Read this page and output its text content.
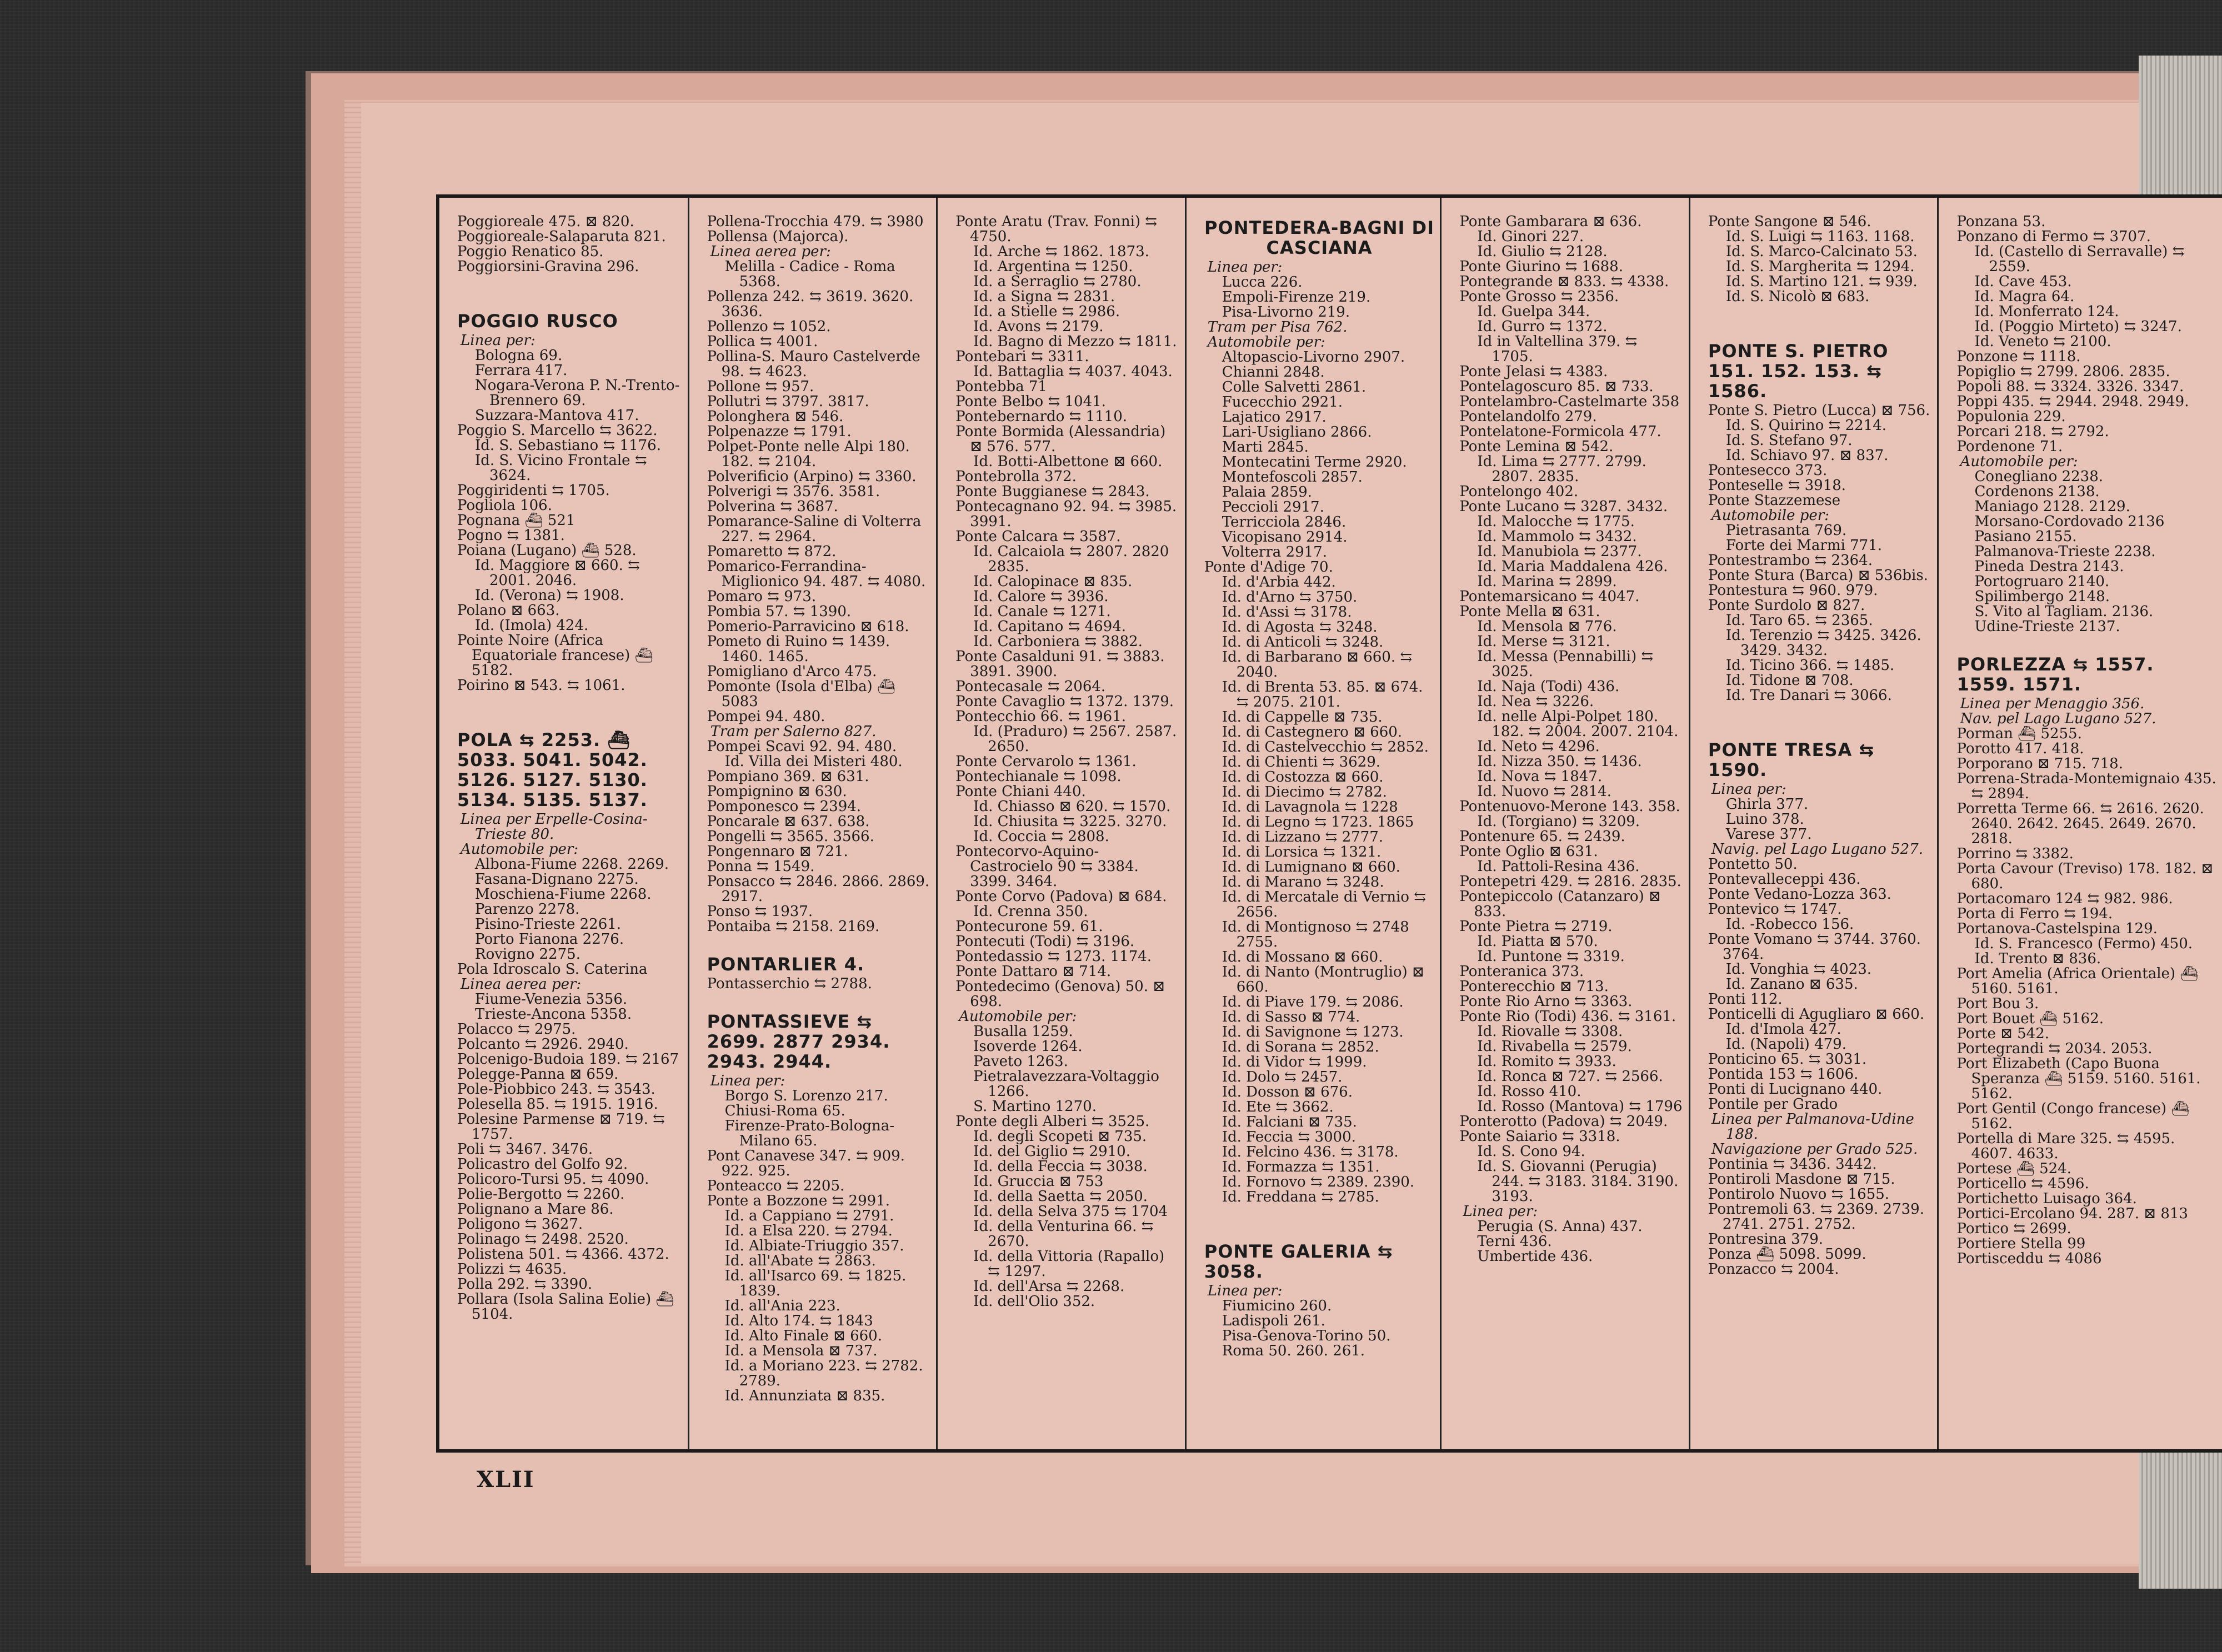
Poggioreale 475. ⊠ 820.
Poggioreale-Salaparuta 821.
Poggio Renatico 85.
Poggiorsini-Gravina 296.
POGGIO RUSCO
Linea per:
Bologna 69.
Ferrara 417.
Nogara-Verona P. N.-Trento-Brennero 69.
Suzzara-Mantova 417.
Poggio S. Marcello ⇆ 3622.
Id. S. Sebastiano ⇆ 1176.
Id. S. Vicino Frontale ⇆ 3624.
Poggiridenti ⇆ 1705.
Pogliola 106.
Pognana ⛴ 521
Pogno ⇆ 1381.
Poiana (Lugano) ⛴ 528.
Id. Maggiore ⊠ 660. ⇆ 2001. 2046.
Id. (Verona) ⇆ 1908.
Polano ⊠ 663.
Id. (Imola) 424.
Pointe Noire (Africa Equatoriale francese) ⛴ 5182.
Poirino ⊠ 543. ⇆ 1061.
POLA ⇆ 2253. ⛴ 5033. 5041. 5042. 5126. 5127. 5130. 5134. 5135. 5137.
Linea per Erpelle-Cosina-Trieste 80.
Automobile per:
Albona-Fiume 2268. 2269.
Fasana-Dignano 2275.
Moschiena-Fiume 2268.
Parenzo 2278.
Pisino-Trieste 2261.
Porto Fianona 2276.
Rovigno 2275.
Pola Idroscalo S. Caterina
Linea aerea per:
Fiume-Venezia 5356.
Trieste-Ancona 5358.
Polacco ⇆ 2975.
Polcanto ⇆ 2926. 2940.
Polcenigo-Budoia 189. ⇆ 2167
Polegge-Panna ⊠ 659.
Pole-Piobbico 243. ⇆ 3543.
Polesella 85. ⇆ 1915. 1916.
Polesine Parmense ⊠ 719. ⇆ 1757.
Poli ⇆ 3467. 3476.
Policastro del Golfo 92.
Policoro-Tursi 95. ⇆ 4090.
Polie-Bergotto ⇆ 2260.
Polignano a Mare 86.
Poligono ⇆ 3627.
Polinago ⇆ 2498. 2520.
Polistena 501. ⇆ 4366. 4372.
Polizzi ⇆ 4635.
Polla 292. ⇆ 3390.
Pollara (Isola Salina Eolie) ⛴ 5104.
Pollena-Trocchia 479. ⇆ 3980
Pollensa (Majorca).
Linea aerea per:
Melilla - Cadice - Roma 5368.
Pollenza 242. ⇆ 3619. 3620. 3636.
Pollenzo ⇆ 1052.
Pollica ⇆ 4001.
Pollina-S. Mauro Castelverde 98. ⇆ 4623.
Pollone ⇆ 957.
Pollutri ⇆ 3797. 3817.
Polonghera ⊠ 546.
Polpenazze ⇆ 1791.
Polpet-Ponte nelle Alpi 180. 182. ⇆ 2104.
Polverificio (Arpino) ⇆ 3360.
Polverigi ⇆ 3576. 3581.
Polverina ⇆ 3687.
Pomarance-Saline di Volterra 227. ⇆ 2964.
Pomaretto ⇆ 872.
Pomarico-Ferrandina-Miglionico 94. 487. ⇆ 4080.
Pomaro ⇆ 973.
Pombia 57. ⇆ 1390.
Pomerio-Parravicino ⊠ 618.
Pometo di Ruino ⇆ 1439. 1460. 1465.
Pomigliano d'Arco 475.
Pomonte (Isola d'Elba) ⛴ 5083
Pompei 94. 480.
Tram per Salerno 827.
Pompei Scavi 92. 94. 480.
Id. Villa dei Misteri 480.
Pompiano 369. ⊠ 631.
Pompignino ⊠ 630.
Pomponesco ⇆ 2394.
Poncarale ⊠ 637. 638.
Pongelli ⇆ 3565. 3566.
Pongennaro ⊠ 721.
Ponna ⇆ 1549.
Ponsacco ⇆ 2846. 2866. 2869. 2917.
Ponso ⇆ 1937.
Pontaiba ⇆ 2158. 2169.
PONTARLIER 4.
Pontasserchio ⇆ 2788.
PONTASSIEVE ⇆ 2699. 2877 2934. 2943. 2944.
Linea per:
Borgo S. Lorenzo 217.
Chiusi-Roma 65.
Firenze-Prato-Bologna-Milano 65.
Pont Canavese 347. ⇆ 909. 922. 925.
Ponteacco ⇆ 2205.
Ponte a Bozzone ⇆ 2991.
Id. a Cappiano ⇆ 2791.
Id. a Elsa 220. ⇆ 2794.
Id. Albiate-Triuggio 357.
Id. all'Abate ⇆ 2863.
Id. all'Isarco 69. ⇆ 1825. 1839.
Id. all'Ania 223.
Id. Alto 174. ⇆ 1843
Id. Alto Finale ⊠ 660.
Id. a Mensola ⊠ 737.
Id. a Moriano 223. ⇆ 2782. 2789.
Id. Annunziata ⊠ 835.
Ponte Aratu (Trav. Fonni) ⇆ 4750.
Id. Arche ⇆ 1862. 1873.
Id. Argentina ⇆ 1250.
Id. a Serraglio ⇆ 2780.
Id. a Signa ⇆ 2831.
Id. a Stielle ⇆ 2986.
Id. Avons ⇆ 2179.
Id. Bagno di Mezzo ⇆ 1811.
Pontebari ⇆ 3311.
Id. Battaglia ⇆ 4037. 4043.
Pontebba 71
Ponte Belbo ⇆ 1041.
Pontebernardo ⇆ 1110.
Ponte Bormida (Alessandria) ⊠ 576. 577.
Id. Botti-Albettone ⊠ 660.
Pontebrolla 372.
Ponte Buggianese ⇆ 2843.
Pontecagnano 92. 94. ⇆ 3985. 3991.
Ponte Calcara ⇆ 3587.
Id. Calcaiola ⇆ 2807. 2820 2835.
Id. Calopinace ⊠ 835.
Id. Calore ⇆ 3936.
Id. Canale ⇆ 1271.
Id. Capitano ⇆ 4694.
Id. Carboniera ⇆ 3882.
Ponte Casalduni 91. ⇆ 3883. 3891. 3900.
Pontecasale ⇆ 2064.
Ponte Cavaglio ⇆ 1372. 1379.
Pontecchio 66. ⇆ 1961.
Id. (Praduro) ⇆ 2567. 2587. 2650.
Ponte Cervarolo ⇆ 1361.
Pontechianale ⇆ 1098.
Ponte Chiani 440.
Id. Chiasso ⊠ 620. ⇆ 1570.
Id. Chiusita ⇆ 3225. 3270.
Id. Coccia ⇆ 2808.
Pontecorvo-Aquino-Castrocielo 90 ⇆ 3384. 3399. 3464.
Ponte Corvo (Padova) ⊠ 684.
Id. Crenna 350.
Pontecurone 59. 61.
Pontecuti (Todi) ⇆ 3196.
Pontedassio ⇆ 1273. 1174.
Ponte Dattaro ⊠ 714.
Pontedecimo (Genova) 50. ⊠ 698.
Automobile per:
Busalla 1259.
Isoverde 1264.
Paveto 1263.
Pietralavezzara-Voltaggio 1266.
S. Martino 1270.
Ponte degli Alberi ⇆ 3525.
Id. degli Scopeti ⊠ 735.
Id. del Giglio ⇆ 2910.
Id. della Feccia ⇆ 3038.
Id. Gruccia ⊠ 753
Id. della Saetta ⇆ 2050.
Id. della Selva 375 ⇆ 1704
Id. della Venturina 66. ⇆ 2670.
Id. della Vittoria (Rapallo) ⇆ 1297.
Id. dell'Arsa ⇆ 2268.
Id. dell'Olio 352.
PONTEDERA-BAGNI DI CASCIANA
Linea per:
Lucca 226.
Empoli-Firenze 219.
Pisa-Livorno 219.
Tram per Pisa 762.
Automobile per:
Altopascio-Livorno 2907.
Chianni 2848.
Colle Salvetti 2861.
Fucecchio 2921.
Lajatico 2917.
Lari-Usigliano 2866.
Marti 2845.
Montecatini Terme 2920.
Montefoscoli 2857.
Palaia 2859.
Peccioli 2917.
Terricciola 2846.
Vicopisano 2914.
Volterra 2917.
Ponte d'Adige 70.
Id. d'Arbia 442.
Id. d'Arno ⇆ 3750.
Id. d'Assi ⇆ 3178.
Id. di Agosta ⇆ 3248.
Id. di Anticoli ⇆ 3248.
Id. di Barbarano ⊠ 660. ⇆ 2040.
Id. di Brenta 53. 85. ⊠ 674. ⇆ 2075. 2101.
Id. di Cappelle ⊠ 735.
Id. di Castegnero ⊠ 660.
Id. di Castelvecchio ⇆ 2852.
Id. di Chienti ⇆ 3629.
Id. di Costozza ⊠ 660.
Id. di Diecimo ⇆ 2782.
Id. di Lavagnola ⇆ 1228
Id. di Legno ⇆ 1723. 1865
Id. di Lizzano ⇆ 2777.
Id. di Lorsica ⇆ 1321.
Id. di Lumignano ⊠ 660.
Id. di Marano ⇆ 3248.
Id. di Mercatale di Vernio ⇆ 2656.
Id. di Montignoso ⇆ 2748 2755.
Id. di Mossano ⊠ 660.
Id. di Nanto (Montruglio) ⊠ 660.
Id. di Piave 179. ⇆ 2086.
Id. di Sasso ⊠ 774.
Id. di Savignone ⇆ 1273.
Id. di Sorana ⇆ 2852.
Id. di Vidor ⇆ 1999.
Id. Dolo ⇆ 2457.
Id. Dosson ⊠ 676.
Id. Ete ⇆ 3662.
Id. Falciani ⊠ 735.
Id. Feccia ⇆ 3000.
Id. Felcino 436. ⇆ 3178.
Id. Formazza ⇆ 1351.
Id. Fornovo ⇆ 2389. 2390.
Id. Freddana ⇆ 2785.
PONTE GALERIA ⇆ 3058.
Linea per:
Fiumicino 260.
Ladispoli 261.
Pisa-Genova-Torino 50.
Roma 50. 260. 261.
Ponte Gambarara ⊠ 636.
Id. Ginori 227.
Id. Giulio ⇆ 2128.
Ponte Giurino ⇆ 1688.
Pontegrande ⊠ 833. ⇆ 4338.
Ponte Grosso ⇆ 2356.
Id. Guelpa 344.
Id. Gurro ⇆ 1372.
Id in Valtellina 379. ⇆ 1705.
Ponte Jelasi ⇆ 4383.
Pontelagoscuro 85. ⊠ 733.
Pontelambro-Castelmarte 358
Pontelandolfo 279.
Pontelatone-Formicola 477.
Ponte Lemina ⊠ 542.
Id. Lima ⇆ 2777. 2799. 2807. 2835.
Pontelongo 402.
Ponte Lucano ⇆ 3287. 3432.
Id. Malocche ⇆ 1775.
Id. Mammolo ⇆ 3432.
Id. Manubiola ⇆ 2377.
Id. Maria Maddalena 426.
Id. Marina ⇆ 2899.
Pontemarsicano ⇆ 4047.
Ponte Mella ⊠ 631.
Id. Mensola ⊠ 776.
Id. Merse ⇆ 3121.
Id. Messa (Pennabilli) ⇆ 3025.
Id. Naja (Todi) 436.
Id. Nea ⇆ 3226.
Id. nelle Alpi-Polpet 180. 182. ⇆ 2004. 2007. 2104.
Id. Neto ⇆ 4296.
Id. Nizza 350. ⇆ 1436.
Id. Nova ⇆ 1847.
Id. Nuovo ⇆ 2814.
Pontenuovo-Merone 143. 358.
Id. (Torgiano) ⇆ 3209.
Pontenure 65. ⇆ 2439.
Ponte Oglio ⊠ 631.
Id. Pattoli-Resina 436.
Pontepetri 429. ⇆ 2816. 2835.
Pontepiccolo (Catanzaro) ⊠ 833.
Ponte Pietra ⇆ 2719.
Id. Piatta ⊠ 570.
Id. Puntone ⇆ 3319.
Ponteranica 373.
Ponterecchio ⊠ 713.
Ponte Rio Arno ⇆ 3363.
Ponte Rio (Todi) 436. ⇆ 3161.
Id. Riovalle ⇆ 3308.
Id. Rivabella ⇆ 2579.
Id. Romito ⇆ 3933.
Id. Ronca ⊠ 727. ⇆ 2566.
Id. Rosso 410.
Id. Rosso (Mantova) ⇆ 1796
Ponterotto (Padova) ⇆ 2049.
Ponte Saiario ⇆ 3318.
Id. S. Cono 94.
Id. S. Giovanni (Perugia) 244. ⇆ 3183. 3184. 3190. 3193.
Linea per:
Perugia (S. Anna) 437.
Terni 436.
Umbertide 436.
Ponte Sangone ⊠ 546.
Id. S. Luigi ⇆ 1163. 1168.
Id. S. Marco-Calcinato 53.
Id. S. Margherita ⇆ 1294.
Id. S. Martino 121. ⇆ 939.
Id. S. Nicolò ⊠ 683.
PONTE S. PIETRO 151. 152. 153. ⇆ 1586.
Ponte S. Pietro (Lucca) ⊠ 756.
Id. S. Quirino ⇆ 2214.
Id. S. Stefano 97.
Id. Schiavo 97. ⊠ 837.
Pontesecco 373.
Ponteselle ⇆ 3918.
Ponte Stazzemese
Automobile per:
Pietrasanta 769.
Forte dei Marmi 771.
Pontestrambo ⇆ 2364.
Ponte Stura (Barca) ⊠ 536bis.
Pontestura ⇆ 960. 979.
Ponte Surdolo ⊠ 827.
Id. Taro 65. ⇆ 2365.
Id. Terenzio ⇆ 3425. 3426. 3429. 3432.
Id. Ticino 366. ⇆ 1485.
Id. Tidone ⊠ 708.
Id. Tre Danari ⇆ 3066.
PONTE TRESA ⇆ 1590.
Linea per:
Ghirla 377.
Luino 378.
Varese 377.
Navig. pel Lago Lugano 527.
Pontetto 50.
Pontevalleceppi 436.
Ponte Vedano-Lozza 363.
Pontevico ⇆ 1747.
Id. -Robecco 156.
Ponte Vomano ⇆ 3744. 3760. 3764.
Id. Vonghia ⇆ 4023.
Id. Zanano ⊠ 635.
Ponti 112.
Ponticelli di Agugliaro ⊠ 660.
Id. d'Imola 427.
Id. (Napoli) 479.
Ponticino 65. ⇆ 3031.
Pontida 153 ⇆ 1606.
Ponti di Lucignano 440.
Pontile per Grado
Linea per Palmanova-Udine 188.
Navigazione per Grado 525.
Pontinia ⇆ 3436. 3442.
Pontiroli Masdone ⊠ 715.
Pontirolo Nuovo ⇆ 1655.
Pontremoli 63. ⇆ 2369. 2739. 2741. 2751. 2752.
Pontresina 379.
Ponza ⛴ 5098. 5099.
Ponzacco ⇆ 2004.
Ponzana 53.
Ponzano di Fermo ⇆ 3707.
Id. (Castello di Serravalle) ⇆ 2559.
Id. Cave 453.
Id. Magra 64.
Id. Monferrato 124.
Id. (Poggio Mirteto) ⇆ 3247.
Id. Veneto ⇆ 2100.
Ponzone ⇆ 1118.
Popiglio ⇆ 2799. 2806. 2835.
Popoli 88. ⇆ 3324. 3326. 3347.
Poppi 435. ⇆ 2944. 2948. 2949.
Populonia 229.
Porcari 218. ⇆ 2792.
Pordenone 71.
Automobile per:
Conegliano 2238.
Cordenons 2138.
Maniago 2128. 2129.
Morsano-Cordovado 2136
Pasiano 2155.
Palmanova-Trieste 2238.
Pineda Destra 2143.
Portogruaro 2140.
Spilimbergo 2148.
S. Vito al Tagliam. 2136.
Udine-Trieste 2137.
PORLEZZA ⇆ 1557. 1559. 1571.
Linea per Menaggio 356.
Nav. pel Lago Lugano 527.
Porman ⛴ 5255.
Porotto 417. 418.
Porporano ⊠ 715. 718.
Porrena-Strada-Montemignaio 435. ⇆ 2894.
Porretta Terme 66. ⇆ 2616. 2620. 2640. 2642. 2645. 2649. 2670. 2818.
Porrino ⇆ 3382.
Porta Cavour (Treviso) 178. 182. ⊠ 680.
Portacomaro 124 ⇆ 982. 986.
Porta di Ferro ⇆ 194.
Portanova-Castelspina 129.
Id. S. Francesco (Fermo) 450.
Id. Trento ⊠ 836.
Port Amelia (Africa Orientale) ⛴ 5160. 5161.
Port Bou 3.
Port Bouet ⛴ 5162.
Porte ⊠ 542.
Portegrandi ⇆ 2034. 2053.
Port Elizabeth (Capo Buona Speranza ⛴ 5159. 5160. 5161. 5162.
Port Gentil (Congo francese) ⛴ 5162.
Portella di Mare 325. ⇆ 4595. 4607. 4633.
Portese ⛴ 524.
Porticello ⇆ 4596.
Portichetto Luisago 364.
Portici-Ercolano 94. 287. ⊠ 813
Portico ⇆ 2699.
Portiere Stella 99
Portisceddu ⇆ 4086
XLII
